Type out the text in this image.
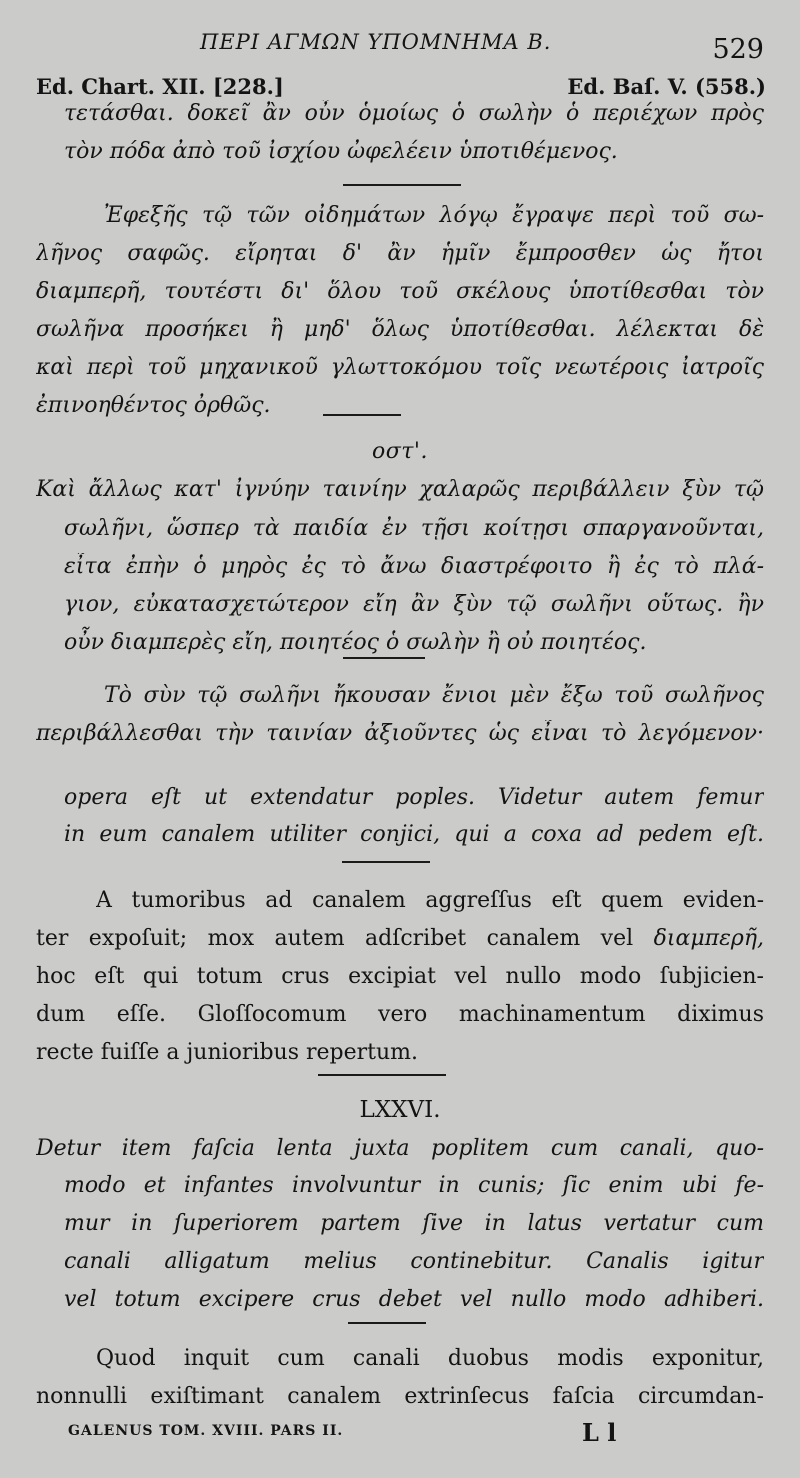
ΠΕΡΙ ΑΓΜΩΝ ΥΠΟΜΝΗΜΑ Β.	529
Ed. Chart. XII. [228.]	Ed. Baſ. V. (558.)
τετάσθαι. δοκεῖ ἂν οὖν ὁμοίως ὁ σωλὴν ὁ περιέχων πρὸς
τὸν πόδα ἀπὸ τοῦ ἰσχίου ὠφελέειν ὑποτιθέμενος.
Ἐφεξῆς τῷ τῶν οἰδημάτων λόγῳ ἔγραψε περὶ τοῦ σω-
λῆνος σαφῶς. εἴρηται δ' ἂν ἡμῖν ἔμπροσθεν ὡς ἤτοι
διαμπερῆ, τουτέστι δι' ὅλου τοῦ σκέλους ὑποτίθεσθαι τὸν
σωλῆνα προσήκει ἢ μηδ' ὅλως ὑποτίθεσθαι. λέλεκται δὲ
καὶ περὶ τοῦ μηχανικοῦ γλωττοκόμου τοῖς νεωτέροις ἰατροῖς
ἐπινοηθέντος ὀρθῶς.
οστ'.
Καὶ ἄλλως κατ' ἰγνύην ταινίην χαλαρῶς περιβάλλειν ξὺν τῷ
σωλῆνι, ὥσπερ τὰ παιδία ἐν τῇσι κοίτῃσι σπαργανοῦνται,
εἶτα ἐπὴν ὁ μηρὸς ἐς τὸ ἄνω διαστρέφοιτο ἢ ἐς τὸ πλά-
γιον, εὐκατασχετώτερον εἴη ἂν ξὺν τῷ σωλῆνι οὕτως. ἢν
οὖν διαμπερὲς εἴη, ποιητέος ὁ σωλὴν ἢ οὐ ποιητέος.
Τὸ σὺν τῷ σωλῆνι ἤκουσαν ἔνιοι μὲν ἔξω τοῦ σωλῆνος
περιβάλλεσθαι τὴν ταινίαν ἀξιοῦντες ὡς εἶναι τὸ λεγόμενον·
opera eſt ut extendatur poples. Videtur autem femur
in eum canalem utiliter conjici, qui a coxa ad pedem eſt.
A tumoribus ad canalem aggreſſus eſt quem eviden-
ter expoſuit; mox autem adſcribet canalem vel διαμπερῆ,
hoc eſt qui totum crus excipiat vel nullo modo ſubjicien-
dum eſſe. Gloſſocomum vero machinamentum diximus
recte fuiſſe a junioribus repertum.
LXXVI.
Detur item faſcia lenta juxta poplitem cum canali, quo-
modo et infantes involvuntur in cunis; ſic enim ubi fe-
mur in ſuperiorem partem ſive in latus vertatur cum
canali alligatum melius continebitur. Canalis igitur
vel totum excipere crus debet vel nullo modo adhiberi.
Quod inquit cum canali duobus modis exponitur,
nonnulli exiſtimant canalem extrinſecus faſcia circumdan-
GALENUS TOM. XVIII. PARS II.	L l
